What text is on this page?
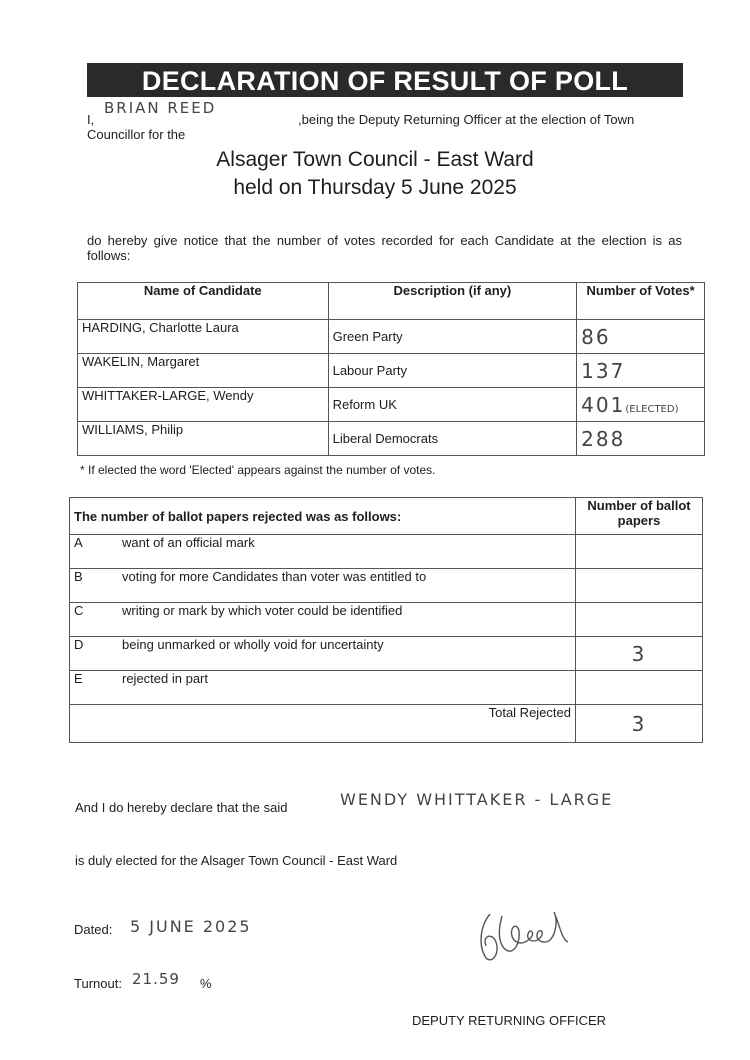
DECLARATION OF RESULT OF POLL
I,
BRIAN REED
,being the Deputy Returning Officer at the election of Town
Councillor for the
Alsager Town Council - East Ward
held on Thursday 5 June 2025
do hereby give notice that the number of votes recorded for each Candidate at the election is as follows:
Name of Candidate	Description (if any)	Number of Votes*
HARDING, Charlotte Laura	Green Party	86
WAKELIN, Margaret	Labour Party	137
WHITTAKER-LARGE, Wendy	Reform UK	401(ELECTED)
WILLIAMS, Philip	Liberal Democrats	288
* If elected the word 'Elected' appears against the number of votes.
The number of ballot papers rejected was as follows:		Number of ballot papers
A	want of an official mark	
B	voting for more Candidates than voter was entitled to	
C	writing or mark by which voter could be identified	
D	being unmarked or wholly void for uncertainty	3
E	rejected in part	
Total Rejected		3
And I do hereby declare that the said	WENDY WHITTAKER - LARGE
is duly elected for the Alsager Town Council - East Ward
Dated: 5 JUNE 2025
Turnout: 21.59 %
DEPUTY RETURNING OFFICER
